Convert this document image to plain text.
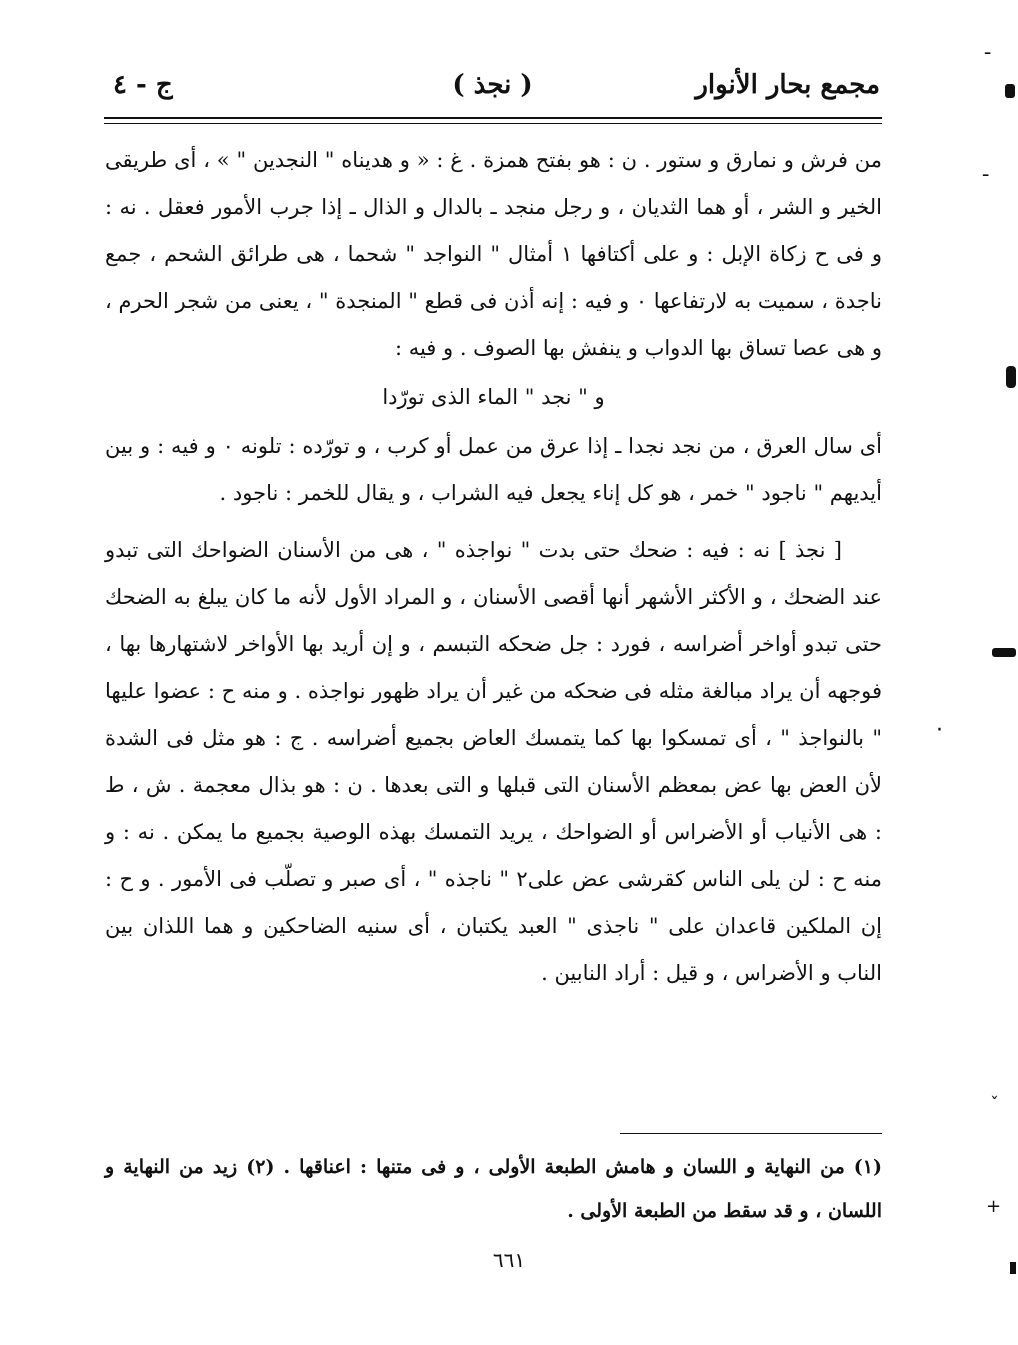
مجمع بحار الأنوار
( نجذ )
ج - ٤

من فرش و نمارق و ستور . ن : هو بفتح همزة . غ : « و هديناه " النجدين " » ، أى طريقى الخير و الشر ، أو هما الثديان ، و رجل منجد ـ بالدال و الذال ـ إذا جرب الأمور فعقل . نه : و فى ح زكاة الإبل : و على أكتافها ١ أمثال " النواجد " شحما ، هى طرائق الشحم ، جمع ناجدة ، سميت به لارتفاعها ٠ و فيه : إنه أذن فى قطع " المنجدة " ، يعنى من شجر الحرم ، و هى عصا تساق بها الدواب و ينفش بها الصوف . و فيه :

و " نجد " الماء الذى تورّدا

أى سال العرق ، من نجد نجدا ـ إذا عرق من عمل أو كرب ، و تورّده : تلونه ٠ و فيه : و بين أيديهم " ناجود " خمر ، هو كل إناء يجعل فيه الشراب ، و يقال للخمر : ناجود .

[ نجذ ] نه : فيه : ضحك حتى بدت " نواجذه " ، هى من الأسنان الضواحك التى تبدو عند الضحك ، و الأكثر الأشهر أنها أقصى الأسنان ، و المراد الأول لأنه ما كان يبلغ به الضحك حتى تبدو أواخر أضراسه ، فورد : جل ضحكه التبسم ، و إن أريد بها الأواخر لاشتهارها بها ، فوجهه أن يراد مبالغة مثله فى ضحكه من غير أن يراد ظهور نواجذه . و منه ح : عضوا عليها " بالنواجذ " ، أى تمسكوا بها كما يتمسك العاض بجميع أضراسه . ج : هو مثل فى الشدة لأن العض بها عض بمعظم الأسنان التى قبلها و التى بعدها . ن : هو بذال معجمة . ش ، ط : هى الأنياب أو الأضراس أو الضواحك ، يريد التمسك بهذه الوصية بجميع ما يمكن . نه : و منه ح : لن يلى الناس كقرشى عض على٢ " ناجذه " ، أى صبر و تصلّب فى الأمور . و ح : إن الملكين قاعدان على " ناجذى " العبد يكتبان ، أى سنيه الضاحكين و هما اللذان بين الناب و الأضراس ، و قيل : أراد النابين .

(١) من النهاية و اللسان و هامش الطبعة الأولى ، و فى متنها : اعناقها . (٢) زيد من النهاية و اللسان ، و قد سقط من الطبعة الأولى .

٦٦١
ـ
ـ
·
ˇ
+
